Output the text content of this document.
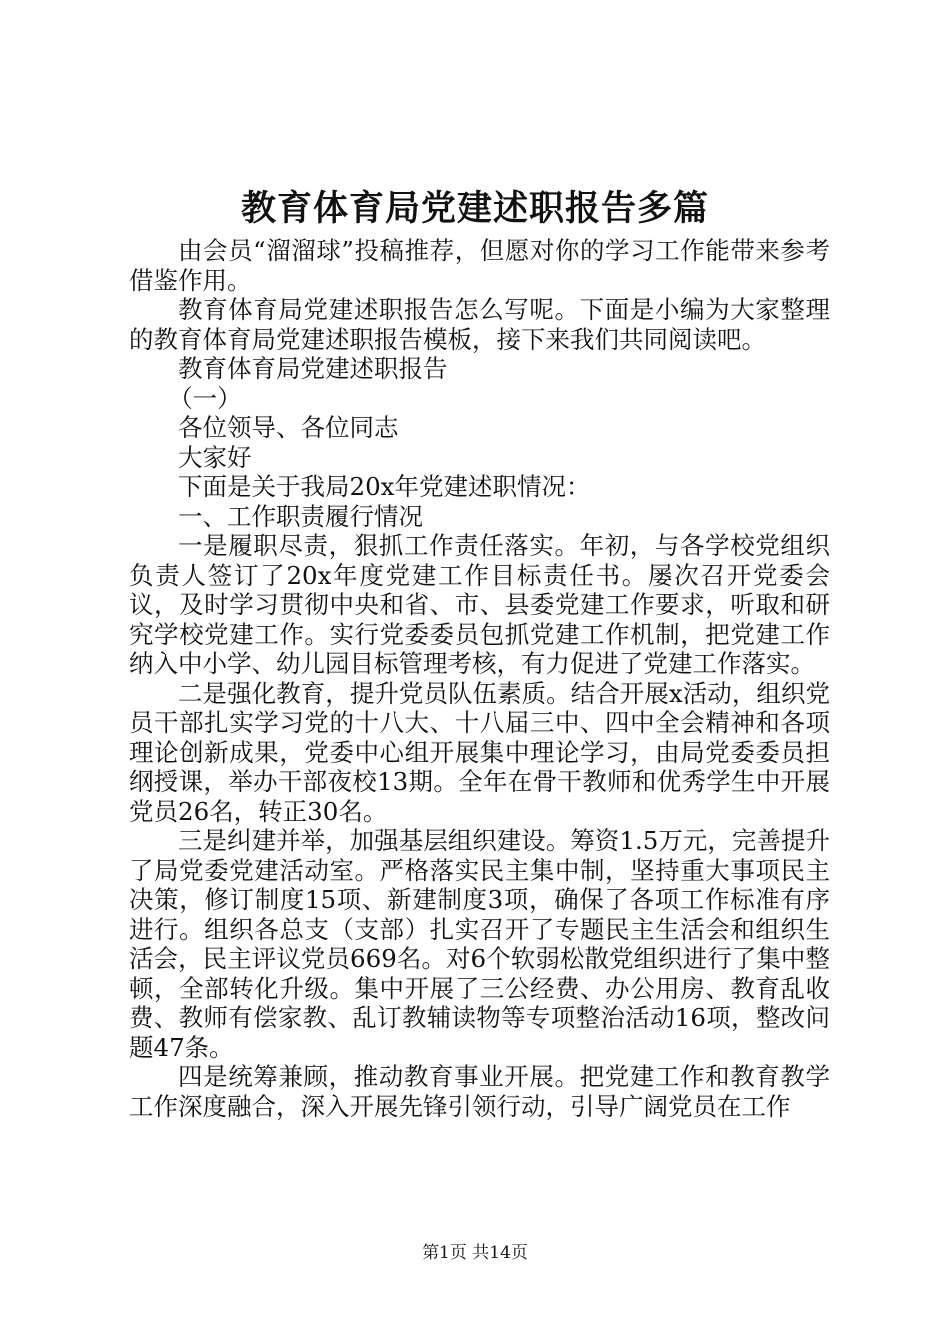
教育体育局党建述职报告多篇

由会员“溜溜球”投稿推荐，但愿对你的学习工作能带来参考借鉴作用。

教育体育局党建述职报告怎么写呢。下面是小编为大家整理的教育体育局党建述职报告模板，接下来我们共同阅读吧。

教育体育局党建述职报告

（一）

各位领导、各位同志

大家好

下面是关于我局20x年党建述职情况：

一、工作职责履行情况

一是履职尽责，狠抓工作责任落实。年初，与各学校党组织负责人签订了20x年度党建工作目标责任书。屡次召开党委会议，及时学习贯彻中央和省、市、县委党建工作要求，听取和研究学校党建工作。实行党委委员包抓党建工作机制，把党建工作纳入中小学、幼儿园目标管理考核，有力促进了党建工作落实。

二是强化教育，提升党员队伍素质。结合开展x活动，组织党员干部扎实学习党的十八大、十八届三中、四中全会精神和各项理论创新成果，党委中心组开展集中理论学习，由局党委委员担纲授课，举办干部夜校13期。全年在骨干教师和优秀学生中开展党员26名，转正30名。

三是纠建并举，加强基层组织建设。筹资1.5万元，完善提升了局党委党建活动室。严格落实民主集中制，坚持重大事项民主决策，修订制度15项、新建制度3项，确保了各项工作标准有序进行。组织各总支（支部）扎实召开了专题民主生活会和组织生活会，民主评议党员669名。对6个软弱松散党组织进行了集中整顿，全部转化升级。集中开展了三公经费、办公用房、教育乱收费、教师有偿家教、乱订教辅读物等专项整治活动16项，整改问题47条。

四是统筹兼顾，推动教育事业开展。把党建工作和教育教学工作深度融合，深入开展先锋引领行动，引导广阔党员在工作

第1页 共14页
